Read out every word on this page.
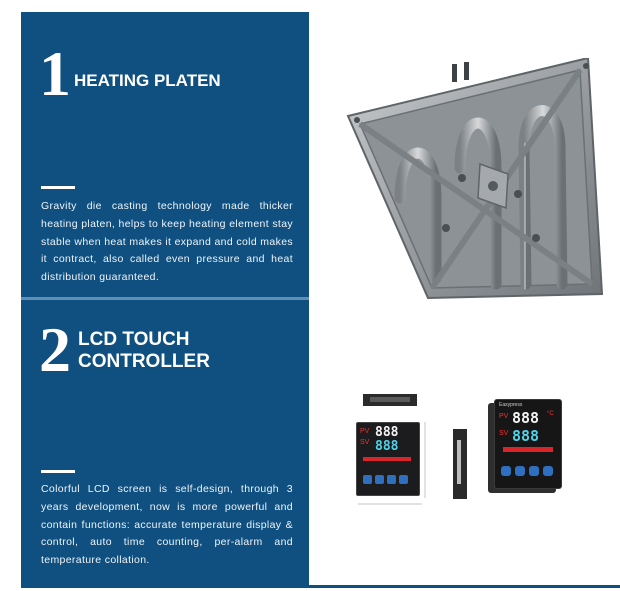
1 HEATING PLATEN
Gravity die casting technology made thicker heating platen, helps to keep heating element stay stable when heat makes it expand and cold makes it contract, also called even pressure and heat distribution guaranteed.
2 LCD TOUCH
CONTROLLER
Colorful LCD screen is self-design, through 3 years development, now is more powerful and contain functions: accurate temperature display & control, auto time counting, per-alarm and temperature collation.
PV
SV
888
888
Easypress
PV
SV
888
888
°C
